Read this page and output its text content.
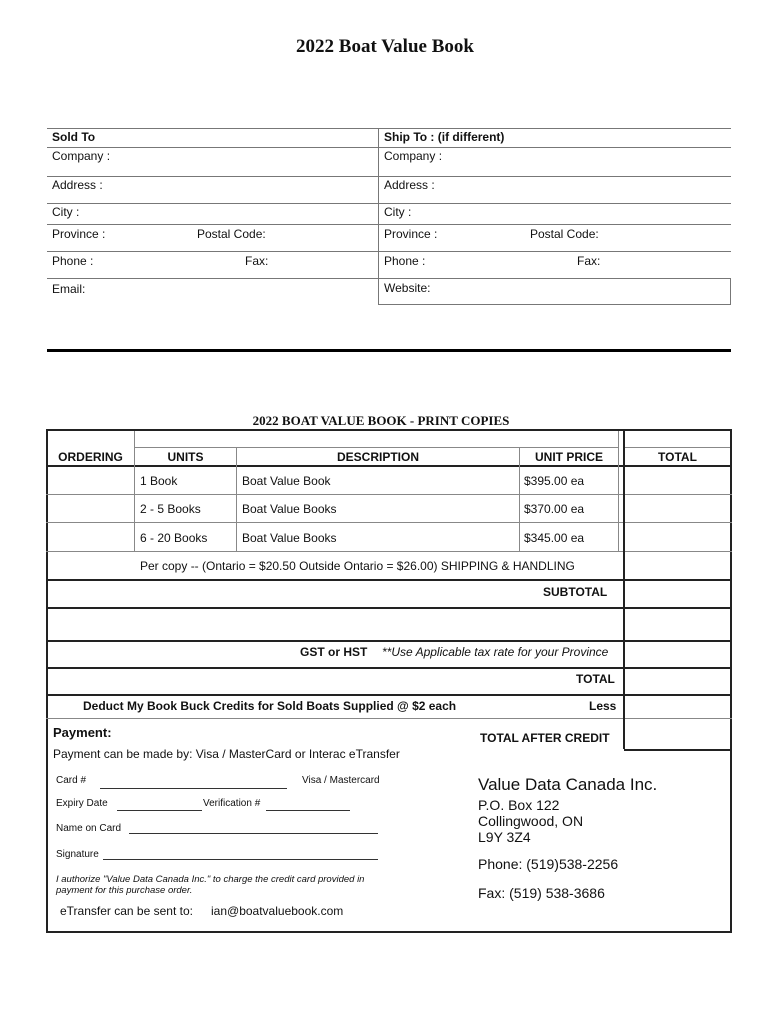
2022 Boat Value Book
Sold To
Company :
Address :
City :
Province :	Postal Code:
Phone :	Fax:
Email:
Ship To : (if different)
Company :
Address :
City :
Province :	Postal Code:
Phone :	Fax:
Website:
2022 BOAT VALUE BOOK - PRINT COPIES
ORDERING	UNITS	DESCRIPTION	UNIT PRICE	TOTAL
1 Book	Boat Value Book	$395.00 ea
2 - 5 Books	Boat Value Books	$370.00 ea
6 - 20 Books	Boat Value Books	$345.00 ea
Per copy -- (Ontario = $20.50 Outside Ontario = $26.00) SHIPPING & HANDLING
SUBTOTAL
GST or HST **Use Applicable tax rate for your Province
TOTAL
Deduct My Book Buck Credits for Sold Boats Supplied @ $2 each	Less
TOTAL AFTER CREDIT
Payment:
Payment can be made by: Visa / MasterCard or Interac eTransfer
Card #	Visa / Mastercard
Expiry Date	Verification #
Name on Card
Signature
I authorize "Value Data Canada Inc." to charge the credit card provided in payment for this purchase order.
eTransfer can be sent to: ian@boatvaluebook.com
Value Data Canada Inc.
P.O. Box 122
Collingwood, ON
L9Y 3Z4
Phone: (519)538-2256
Fax: (519) 538-3686
